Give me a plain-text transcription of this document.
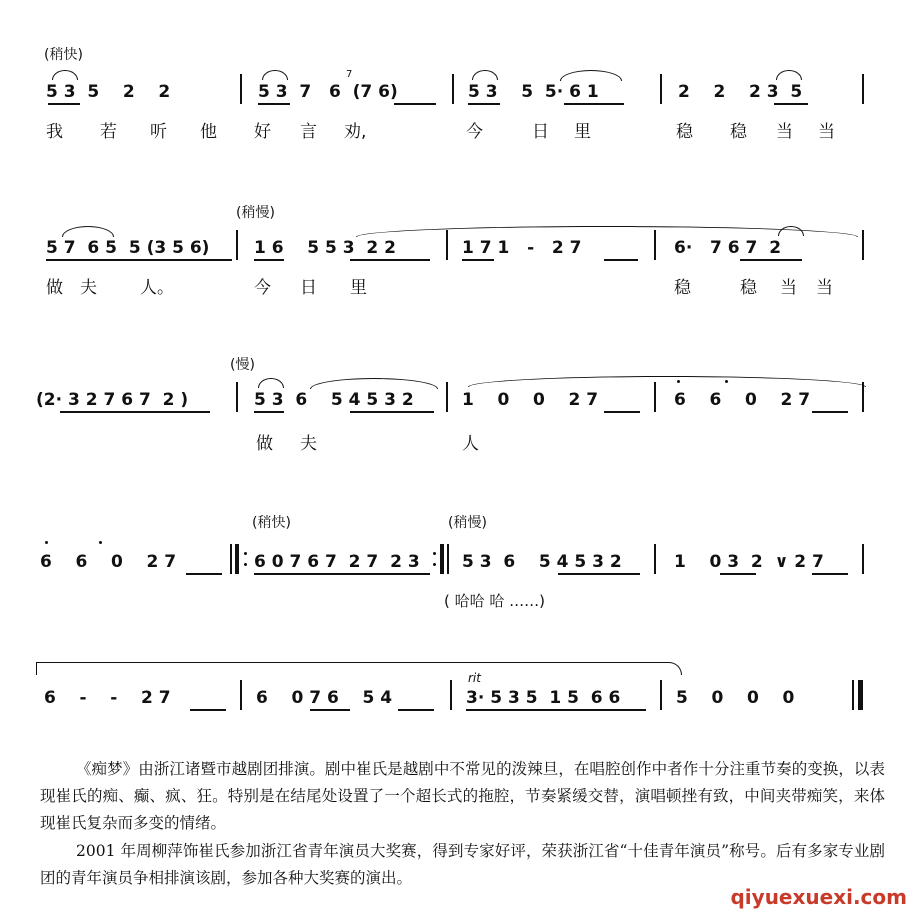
(稍快)
5 3  5    2    2	5 3  7   6  (7 6)
7
5 3    5  5· 6 1	2    2    2 3  5
我 若 听 他 好 言 劝,	今	日 里	稳 稳 当 当
(稍慢)
5 7  6 5  5 (3 5 6)	1 6    5 5 3  2 2	1 7 1   -   2 7	6·   7 6 7  2
做 夫	人。	今 日 里	稳	稳 当 当
(慢)
(2· 3 2 7 6 7  2 )	5 3  6    5 4 5 3 2	1    0    0    2 7	6    6    0    2 7
做 夫	人
(稍快)	(稍慢)
6    6    0    2 7	6 0 7 6 7  2 7  2 3 5 3  6    5 4 5 3 2	1    0 3  2  ∨ 2 7
( 哈哈 哈 ……)
rit
6    -    -    2 7	6    0 7 6    5 4	3· 5 3 5  1 5  6 6	5    0    0    0
《痴梦》由浙江诸暨市越剧团排演。剧中崔氏是越剧中不常见的泼辣旦，在唱腔创作中者作十分注重节奏的变换，以表现崔氏的痴、癫、疯、狂。特别是在结尾处设置了一个超长式的拖腔，节奏紧缓交替，演唱顿挫有致，中间夹带痴笑，来体现崔氏复杂而多变的情绪。
2001 年周柳萍饰崔氏参加浙江省青年演员大奖赛，得到专家好评，荣获浙江省“十佳青年演员”称号。后有多家专业剧团的青年演员争相排演该剧，参加各种大奖赛的演出。
qiyuexuexi.com
